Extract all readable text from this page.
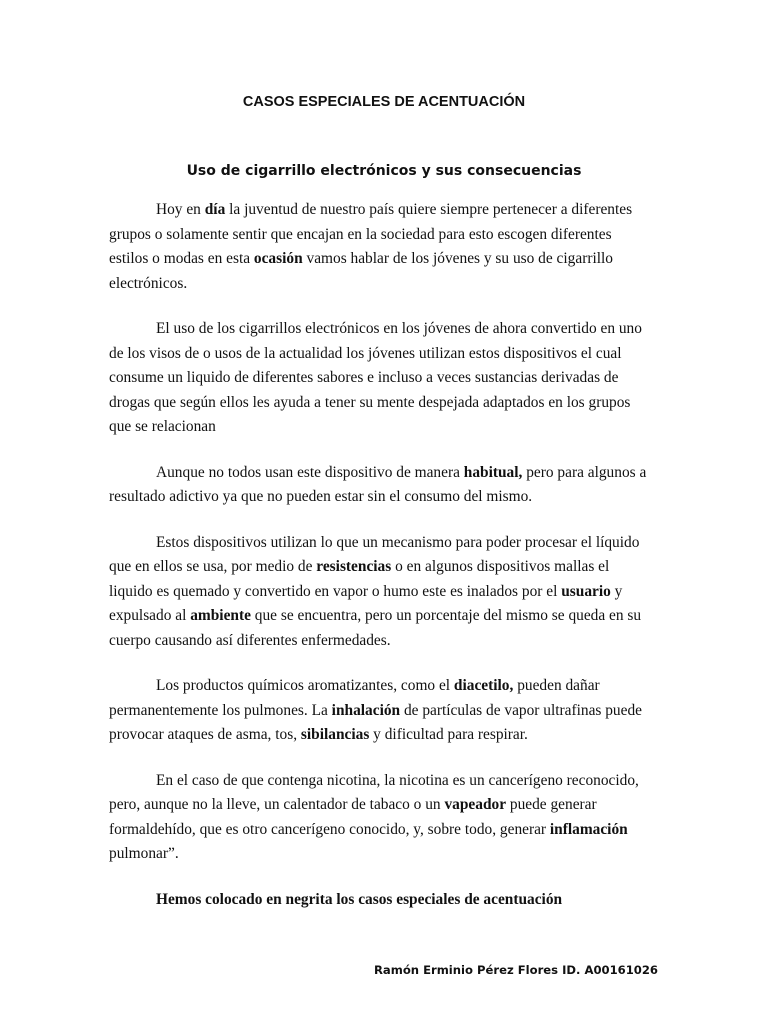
CASOS ESPECIALES DE ACENTUACIÓN
Uso de cigarrillo electrónicos y sus consecuencias

Hoy en día la juventud de nuestro país quiere siempre pertenecer a diferentes grupos o solamente sentir que encajan en la sociedad para esto escogen diferentes estilos o modas en esta ocasión vamos hablar de los jóvenes y su uso de cigarrillo electrónicos.

El uso de los cigarrillos electrónicos en los jóvenes de ahora convertido en uno de los visos de o usos de la actualidad los jóvenes utilizan estos dispositivos el cual consume un liquido de diferentes sabores e incluso a veces sustancias derivadas de drogas que según ellos les ayuda a tener su mente despejada adaptados en los grupos que se relacionan

Aunque no todos usan este dispositivo de manera habitual, pero para algunos a resultado adictivo ya que no pueden estar sin el consumo del mismo.

Estos dispositivos utilizan lo que un mecanismo para poder procesar el líquido que en ellos se usa, por medio de resistencias o en algunos dispositivos mallas el liquido es quemado y convertido en vapor o humo este es inalados por el usuario y expulsado al ambiente que se encuentra, pero un porcentaje del mismo se queda en su cuerpo causando así diferentes enfermedades.

Los productos químicos aromatizantes, como el diacetilo, pueden dañar permanentemente los pulmones. La inhalación de partículas de vapor ultrafinas puede provocar ataques de asma, tos, sibilancias y dificultad para respirar.

En el caso de que contenga nicotina, la nicotina es un cancerígeno reconocido, pero, aunque no la lleve, un calentador de tabaco o un vapeador puede generar formaldehído, que es otro cancerígeno conocido, y, sobre todo, generar inflamación pulmonar”.

Hemos colocado en negrita los casos especiales de acentuación

Ramón Erminio Pérez Flores ID. A00161026
